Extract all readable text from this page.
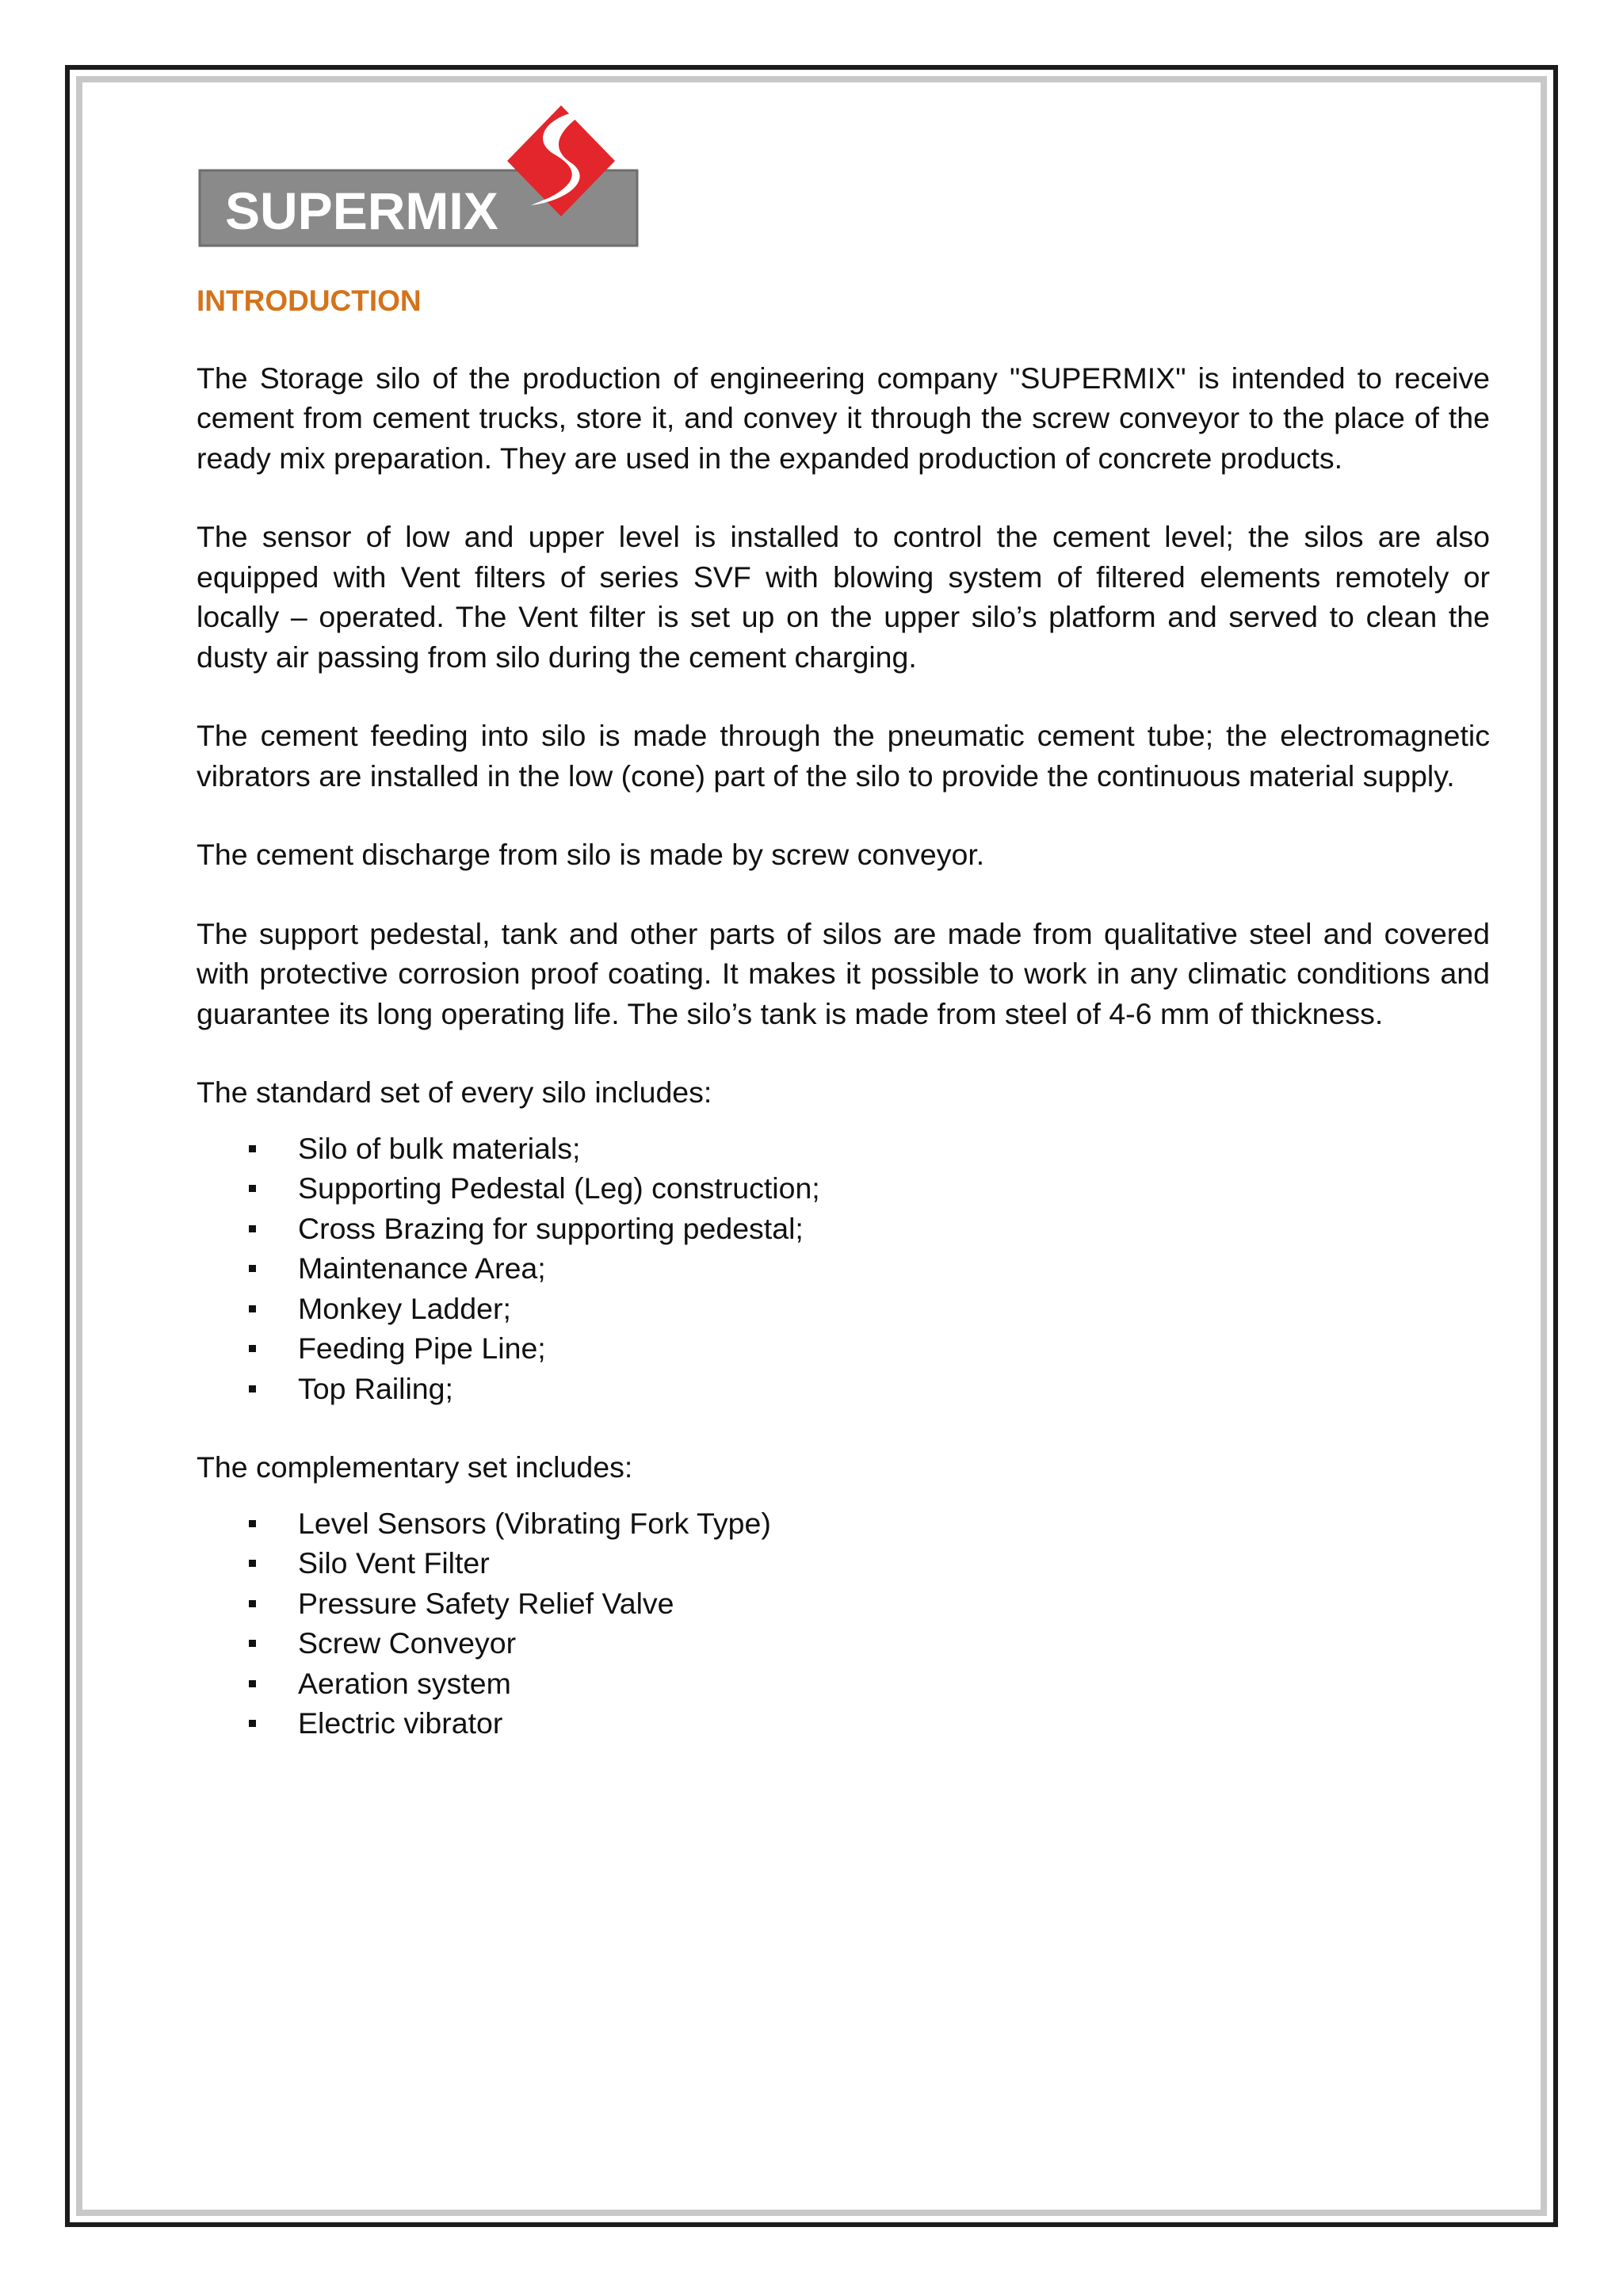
SUPERMIX
INTRODUCTION

The Storage silo of the production of engineering company "SUPERMIX" is intended to receive cement from cement trucks, store it, and convey it through the screw conveyor to the place of the ready mix preparation. They are used in the expanded production of concrete products.

The sensor of low and upper level is installed to control the cement level; the silos are also equipped with Vent filters of series SVF with blowing system of filtered elements remotely or locally – operated. The Vent filter is set up on the upper silo’s platform and served to clean the dusty air passing from silo during the cement charging.

The cement feeding into silo is made through the pneumatic cement tube; the electromagnetic vibrators are installed in the low (cone) part of the silo to provide the continuous material supply.

The cement discharge from silo is made by screw conveyor.

The support pedestal, tank and other parts of silos are made from qualitative steel and covered with protective corrosion proof coating. It makes it possible to work in any climatic conditions and guarantee its long operating life. The silo’s tank is made from steel of 4-6 mm of thickness.

The standard set of every silo includes:

Silo of bulk materials;
Supporting Pedestal (Leg) construction;
Cross Brazing for supporting pedestal;
Maintenance Area;
Monkey Ladder;
Feeding Pipe Line;
Top Railing;

The complementary set includes:

Level Sensors (Vibrating Fork Type)
Silo Vent Filter
Pressure Safety Relief Valve
Screw Conveyor
Aeration system
Electric vibrator
